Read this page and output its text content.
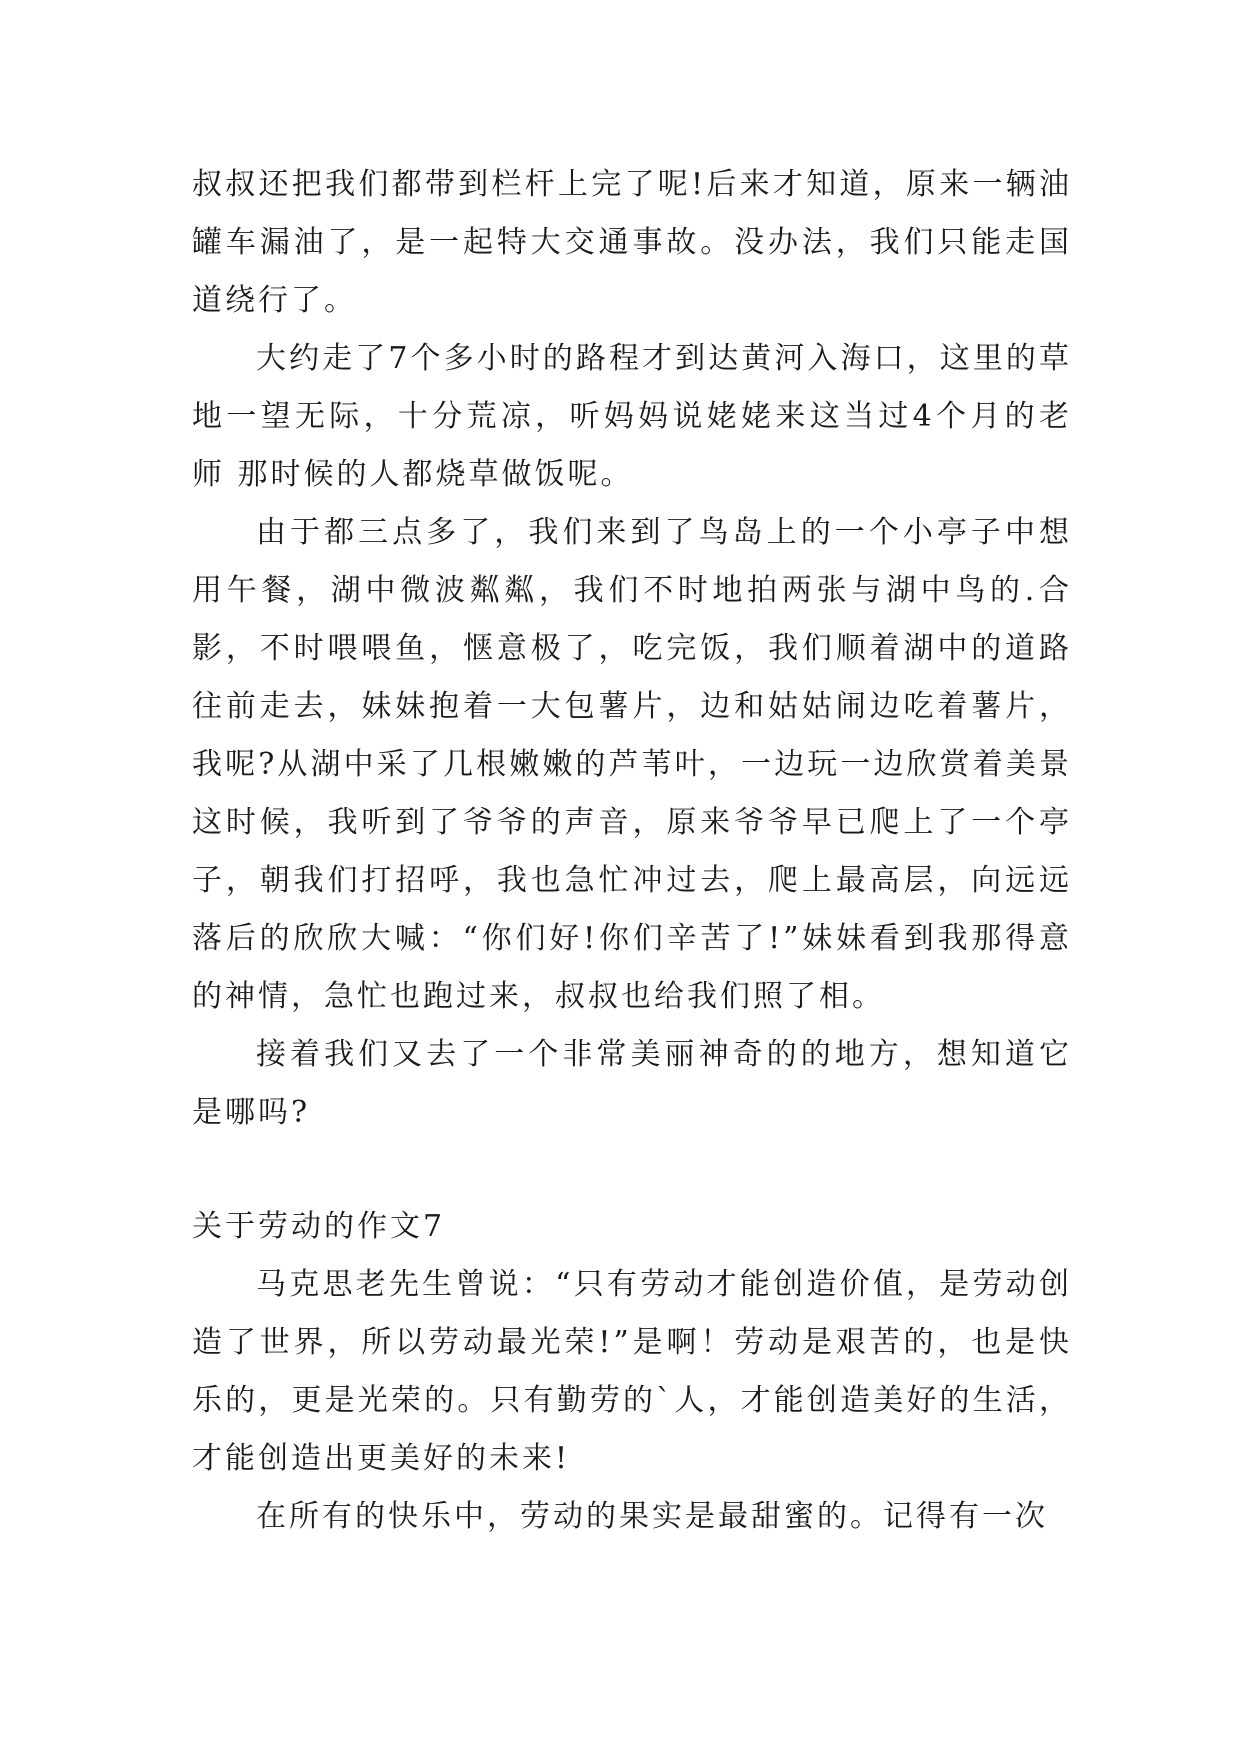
叔叔还把我们都带到栏杆上完了呢!后来才知道，原来一辆油罐车漏油了，是一起特大交通事故。没办法，我们只能走国道绕行了。

大约走了7个多小时的路程才到达黄河入海口，这里的草地一望无际，十分荒凉，听妈妈说姥姥来这当过4个月的老师 那时候的人都烧草做饭呢。

由于都三点多了，我们来到了鸟岛上的一个小亭子中想用午餐，湖中微波粼粼，我们不时地拍两张与湖中鸟的.合影，不时喂喂鱼，惬意极了，吃完饭，我们顺着湖中的道路往前走去，妹妹抱着一大包薯片，边和姑姑闹边吃着薯片，我呢?从湖中采了几根嫩嫩的芦苇叶，一边玩一边欣赏着美景这时候，我听到了爷爷的声音，原来爷爷早已爬上了一个亭子，朝我们打招呼，我也急忙冲过去，爬上最高层，向远远落后的欣欣大喊：“你们好!你们辛苦了!”妹妹看到我那得意的神情，急忙也跑过来，叔叔也给我们照了相。

接着我们又去了一个非常美丽神奇的的地方，想知道它是哪吗?

关于劳动的作文7

马克思老先生曾说：“只有劳动才能创造价值，是劳动创造了世界，所以劳动最光荣!”是啊！劳动是艰苦的，也是快乐的，更是光荣的。只有勤劳的`人，才能创造美好的生活，才能创造出更美好的未来!

在所有的快乐中，劳动的果实是最甜蜜的。记得有一次
